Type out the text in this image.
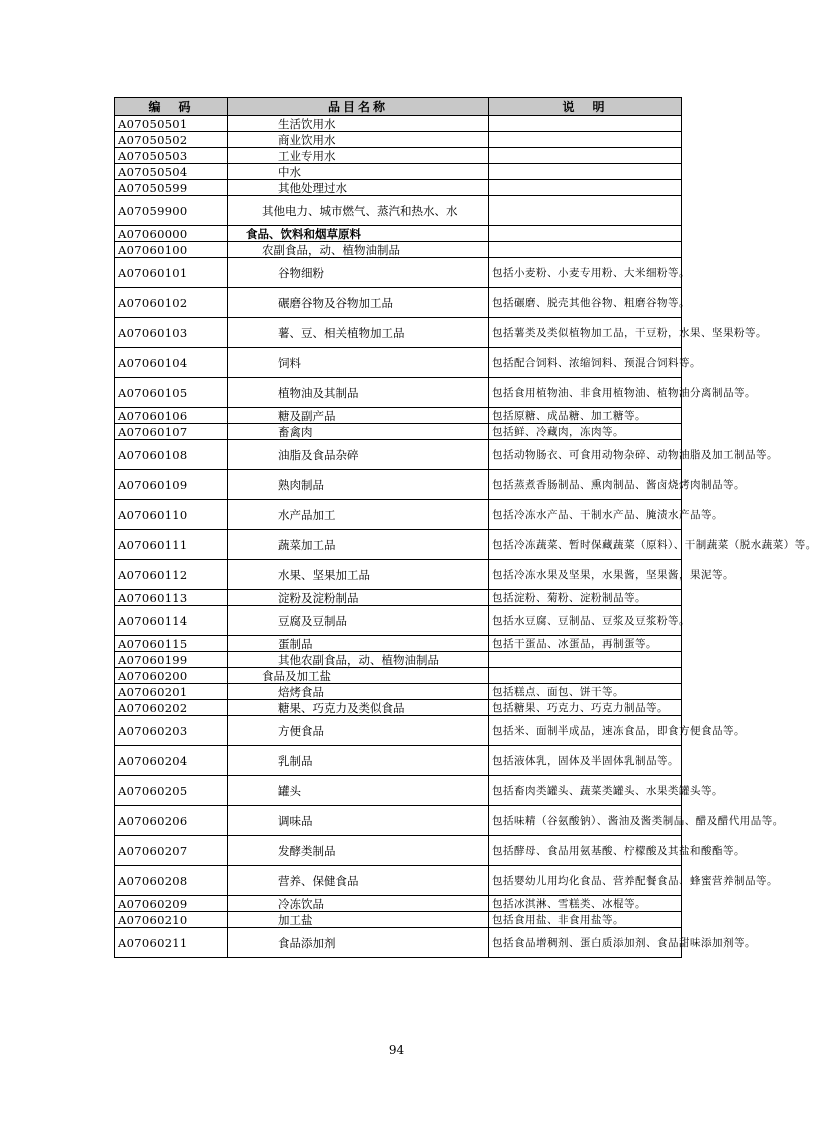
编　码	品目名称	说　明
A07050501	生活饮用水	
A07050502	商业饮用水	
A07050503	工业专用水	
A07050504	中水	
A07050599	其他处理过水	
A07059900	其他电力、城市燃气、蒸汽和热水、水	
A07060000	食品、饮料和烟草原料	
A07060100	农副食品，动、植物油制品	
A07060101	谷物细粉	包括小麦粉、小麦专用粉、大米细粉等。
A07060102	碾磨谷物及谷物加工品	包括碾磨、脱壳其他谷物、粗磨谷物等。
A07060103	薯、豆、相关植物加工品	包括薯类及类似植物加工品，干豆粉，水果、坚果粉等。
A07060104	饲料	包括配合饲料、浓缩饲料、预混合饲料等。
A07060105	植物油及其制品	包括食用植物油、非食用植物油、植物油分离制品等。
A07060106	糖及副产品	包括原糖、成品糖、加工糖等。
A07060107	畜禽肉	包括鲜、冷藏肉，冻肉等。
A07060108	油脂及食品杂碎	包括动物肠衣、可食用动物杂碎、动物油脂及加工制品等。
A07060109	熟肉制品	包括蒸煮香肠制品、熏肉制品、酱卤烧烤肉制品等。
A07060110	水产品加工	包括冷冻水产品、干制水产品、腌渍水产品等。
A07060111	蔬菜加工品	包括冷冻蔬菜、暂时保藏蔬菜（原料）、干制蔬菜（脱水蔬菜）等。
A07060112	水果、坚果加工品	包括冷冻水果及坚果，水果酱，坚果酱，果泥等。
A07060113	淀粉及淀粉制品	包括淀粉、菊粉、淀粉制品等。
A07060114	豆腐及豆制品	包括水豆腐、豆制品、豆浆及豆浆粉等。
A07060115	蛋制品	包括干蛋品、冰蛋品，再制蛋等。
A07060199	其他农副食品，动、植物油制品	
A07060200	食品及加工盐	
A07060201	焙烤食品	包括糕点、面包、饼干等。
A07060202	糖果、巧克力及类似食品	包括糖果、巧克力、巧克力制品等。
A07060203	方便食品	包括米、面制半成品，速冻食品，即食方便食品等。
A07060204	乳制品	包括液体乳，固体及半固体乳制品等。
A07060205	罐头	包括畜肉类罐头、蔬菜类罐头、水果类罐头等。
A07060206	调味品	包括味精（谷氨酸钠）、酱油及酱类制品、醋及醋代用品等。
A07060207	发酵类制品	包括酵母、食品用氨基酸、柠檬酸及其盐和酸酯等。
A07060208	营养、保健食品	包括婴幼儿用均化食品、营养配餐食品、蜂蜜营养制品等。
A07060209	冷冻饮品	包括冰淇淋、雪糕类、冰棍等。
A07060210	加工盐	包括食用盐、非食用盐等。
A07060211	食品添加剂	包括食品增稠剂、蛋白质添加剂、食品甜味添加剂等。
94
